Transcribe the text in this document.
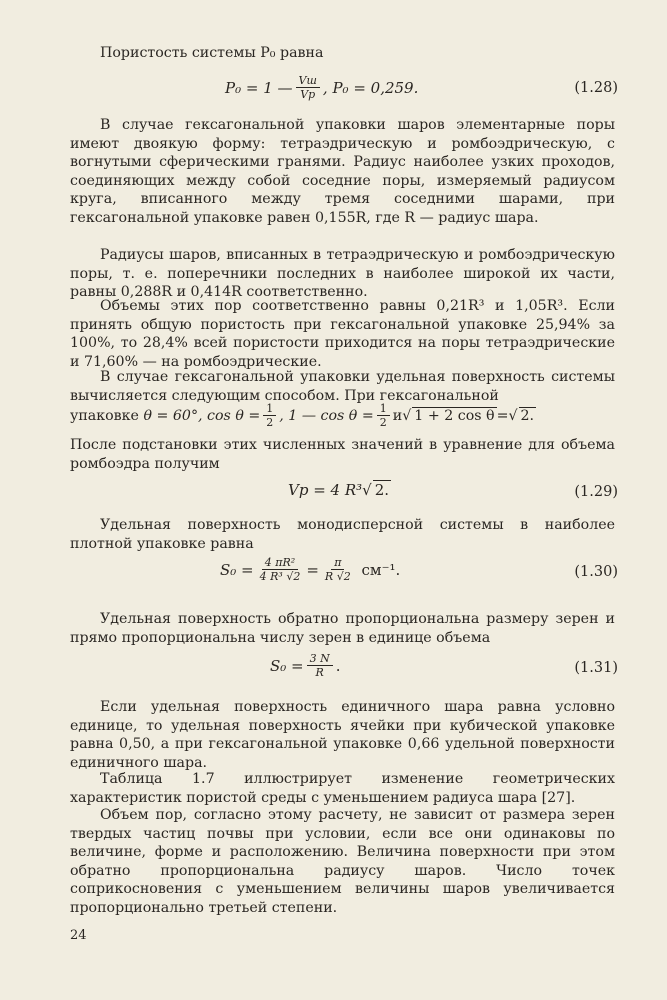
Пористость системы P₀ равна

P₀ = 1 — $\frac{Vш}{Vр}$ , P₀ = 0,259.	(1.28)

В случае гексагональной упаковки шаров элементарные поры имеют двоякую форму: тетраэдрическую и ромбоэдрическую, с вогнутыми сферическими гранями. Радиус наиболее узких проходов, соединяющих между собой соседние поры, измеряемый радиусом круга, вписанного между тремя соседними шарами, при гексагональной упаковке равен 0,155R, где R — радиус шара.

Радиусы шаров, вписанных в тетраэдрическую и ромбоэдрическую поры, т. е. поперечники последних в наиболее широкой их части, равны 0,288R и 0,414R соответственно.

Объемы этих пор соответственно равны 0,21R³ и 1,05R³. Если принять общую пористость при гексагональной упаковке 25,94% за 100%, то 28,4% всей пористости приходится на поры тетраэдрические и 71,60% — на ромбоэдрические.

В случае гексагональной упаковки удельная поверхность системы вычисляется следующим способом. При гексагональной

упаковке
θ = 60°, $\cos \theta = \frac{1}{2}$ , 1 — $\cos \theta = \frac{1}{2}$ и √ 1 + 2 cos θ = √ 2.

После подстановки этих численных значений в уравнение для объема ромбоэдра получим

Vр = 4 R³ √ 2.	(1.29)

Удельная поверхность монодисперсной системы в наиболее плотной упаковке равна

$S_0 = \frac{\text{4 πR²}}{\text{4 R³ √2}} = \frac{\pi}{R √2}$
см⁻¹.	(1.30)

Удельная поверхность обратно пропорциональна размеру зерен и прямо пропорциональна числу зерен в единице объема

$S_0 = \frac{3 N}{R}$ .	(1.31)

Если удельная поверхность единичного шара равна условно единице, то удельная поверхность ячейки при кубической упаковке равна 0,50, а при гексагональной упаковке 0,66 удельной поверхности единичного шара.

Таблица 1.7 иллюстрирует изменение геометрических характеристик пористой среды с уменьшением радиуса шара [27].

Объем пор, согласно этому расчету, не зависит от размера зерен твердых частиц почвы при условии, если все они одинаковы по величине, форме и расположению. Величина поверхности при этом обратно пропорциональна радиусу шаров. Число точек соприкосновения с уменьшением величины шаров увеличивается пропорционально третьей степени.

24
